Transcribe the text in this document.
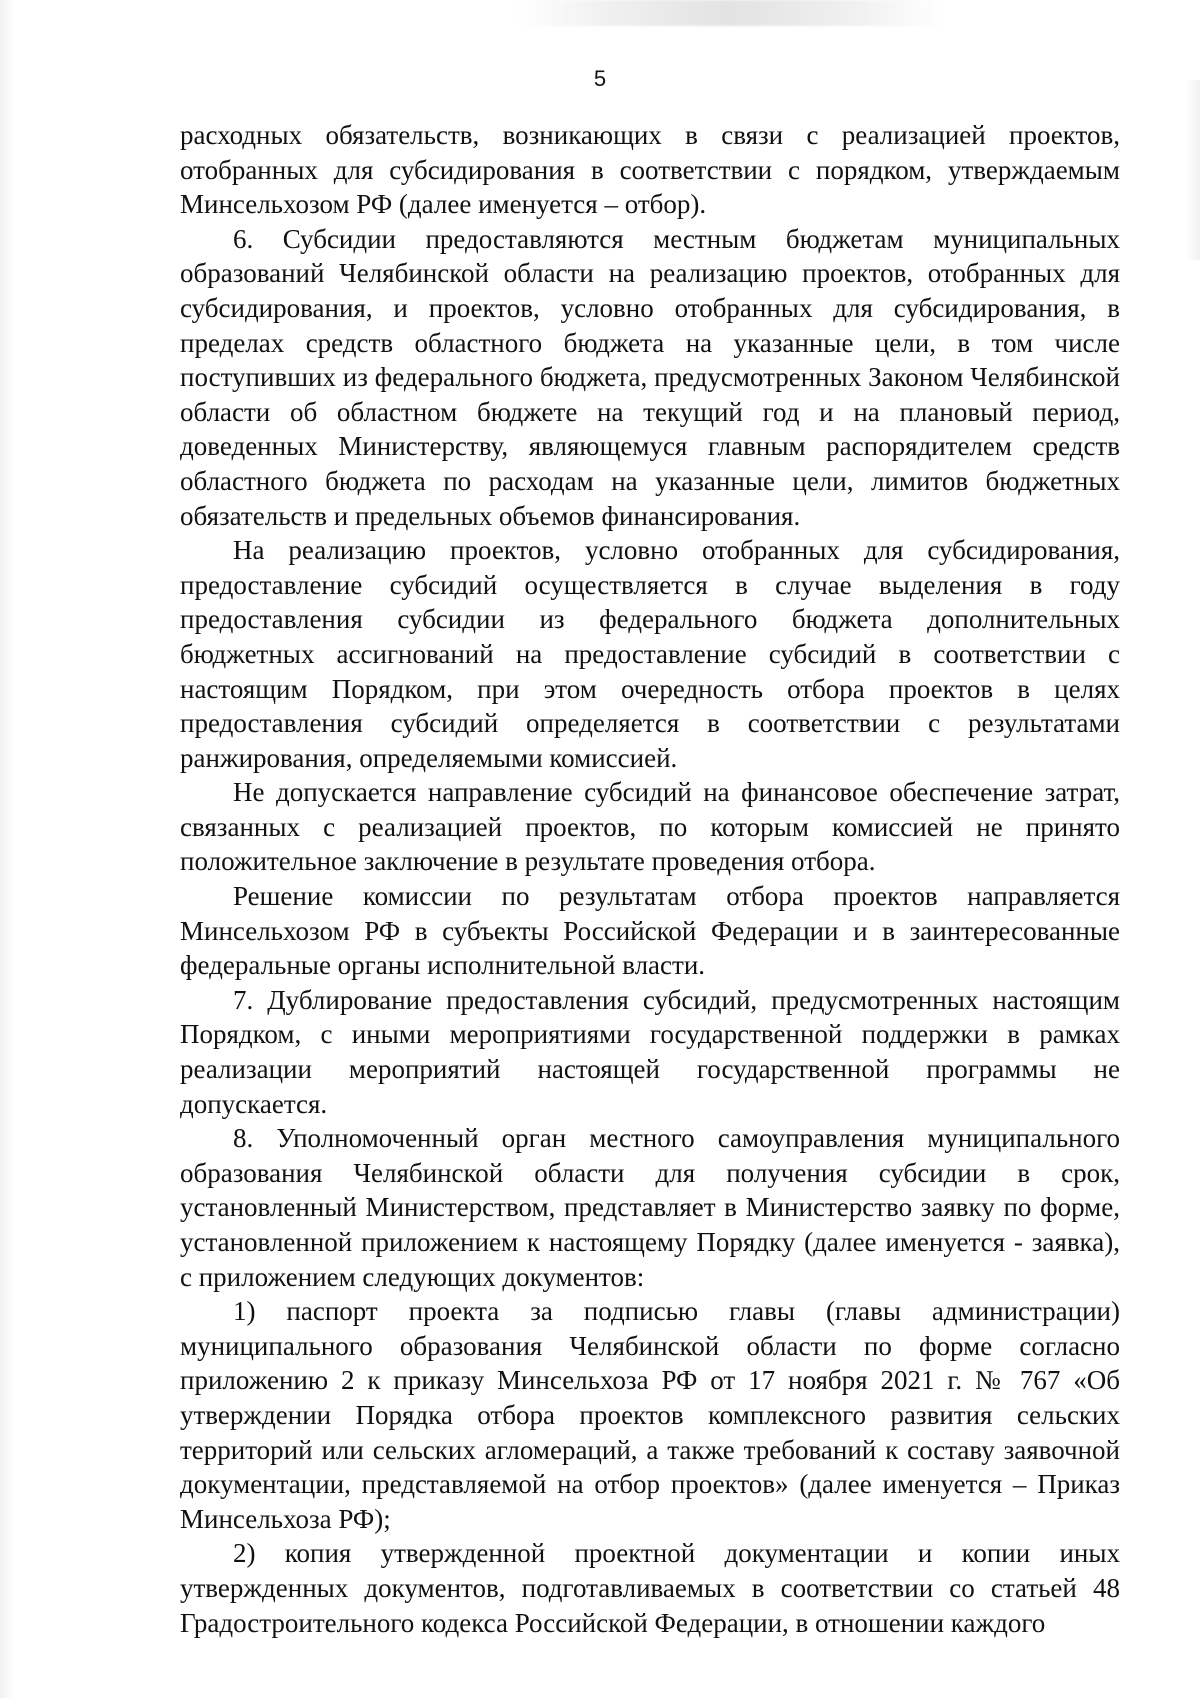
5

расходных обязательств, возникающих в связи с реализацией проектов, отобранных для субсидирования в соответствии с порядком, утверждаемым Минсельхозом РФ (далее именуется – отбор).

6. Субсидии предоставляются местным бюджетам муниципальных образований Челябинской области на реализацию проектов, отобранных для субсидирования, и проектов, условно отобранных для субсидирования, в пределах средств областного бюджета на указанные цели, в том числе поступивших из федерального бюджета, предусмотренных Законом Челябинской области об областном бюджете на текущий год и на плановый период, доведенных Министерству, являющемуся главным распорядителем средств областного бюджета по расходам на указанные цели, лимитов бюджетных обязательств и предельных объемов финансирования.

На реализацию проектов, условно отобранных для субсидирования, предоставление субсидий осуществляется в случае выделения в году предоставления субсидии из федерального бюджета дополнительных бюджетных ассигнований на предоставление субсидий в соответствии с настоящим Порядком, при этом очередность отбора проектов в целях предоставления субсидий определяется в соответствии с результатами ранжирования, определяемыми комиссией.

Не допускается направление субсидий на финансовое обеспечение затрат, связанных с реализацией проектов, по которым комиссией не принято положительное заключение в результате проведения отбора.

Решение комиссии по результатам отбора проектов направляется Минсельхозом РФ в субъекты Российской Федерации и в заинтересованные федеральные органы исполнительной власти.

7. Дублирование предоставления субсидий, предусмотренных настоящим Порядком, с иными мероприятиями государственной поддержки в рамках реализации мероприятий настоящей государственной программы не допускается.

8. Уполномоченный орган местного самоуправления муниципального образования Челябинской области для получения субсидии в срок, установленный Министерством, представляет в Министерство заявку по форме, установленной приложением к настоящему Порядку (далее именуется - заявка), с приложением следующих документов:

1) паспорт проекта за подписью главы (главы администрации) муниципального образования Челябинской области по форме согласно приложению 2 к приказу Минсельхоза РФ от 17 ноября 2021 г. № 767 «Об утверждении Порядка отбора проектов комплексного развития сельских территорий или сельских агломераций, а также требований к составу заявочной документации, представляемой на отбор проектов» (далее именуется – Приказ Минсельхоза РФ);

2) копия утвержденной проектной документации и копии иных утвержденных документов, подготавливаемых в соответствии со статьей 48 Градостроительного кодекса Российской Федерации, в отношении каждого
